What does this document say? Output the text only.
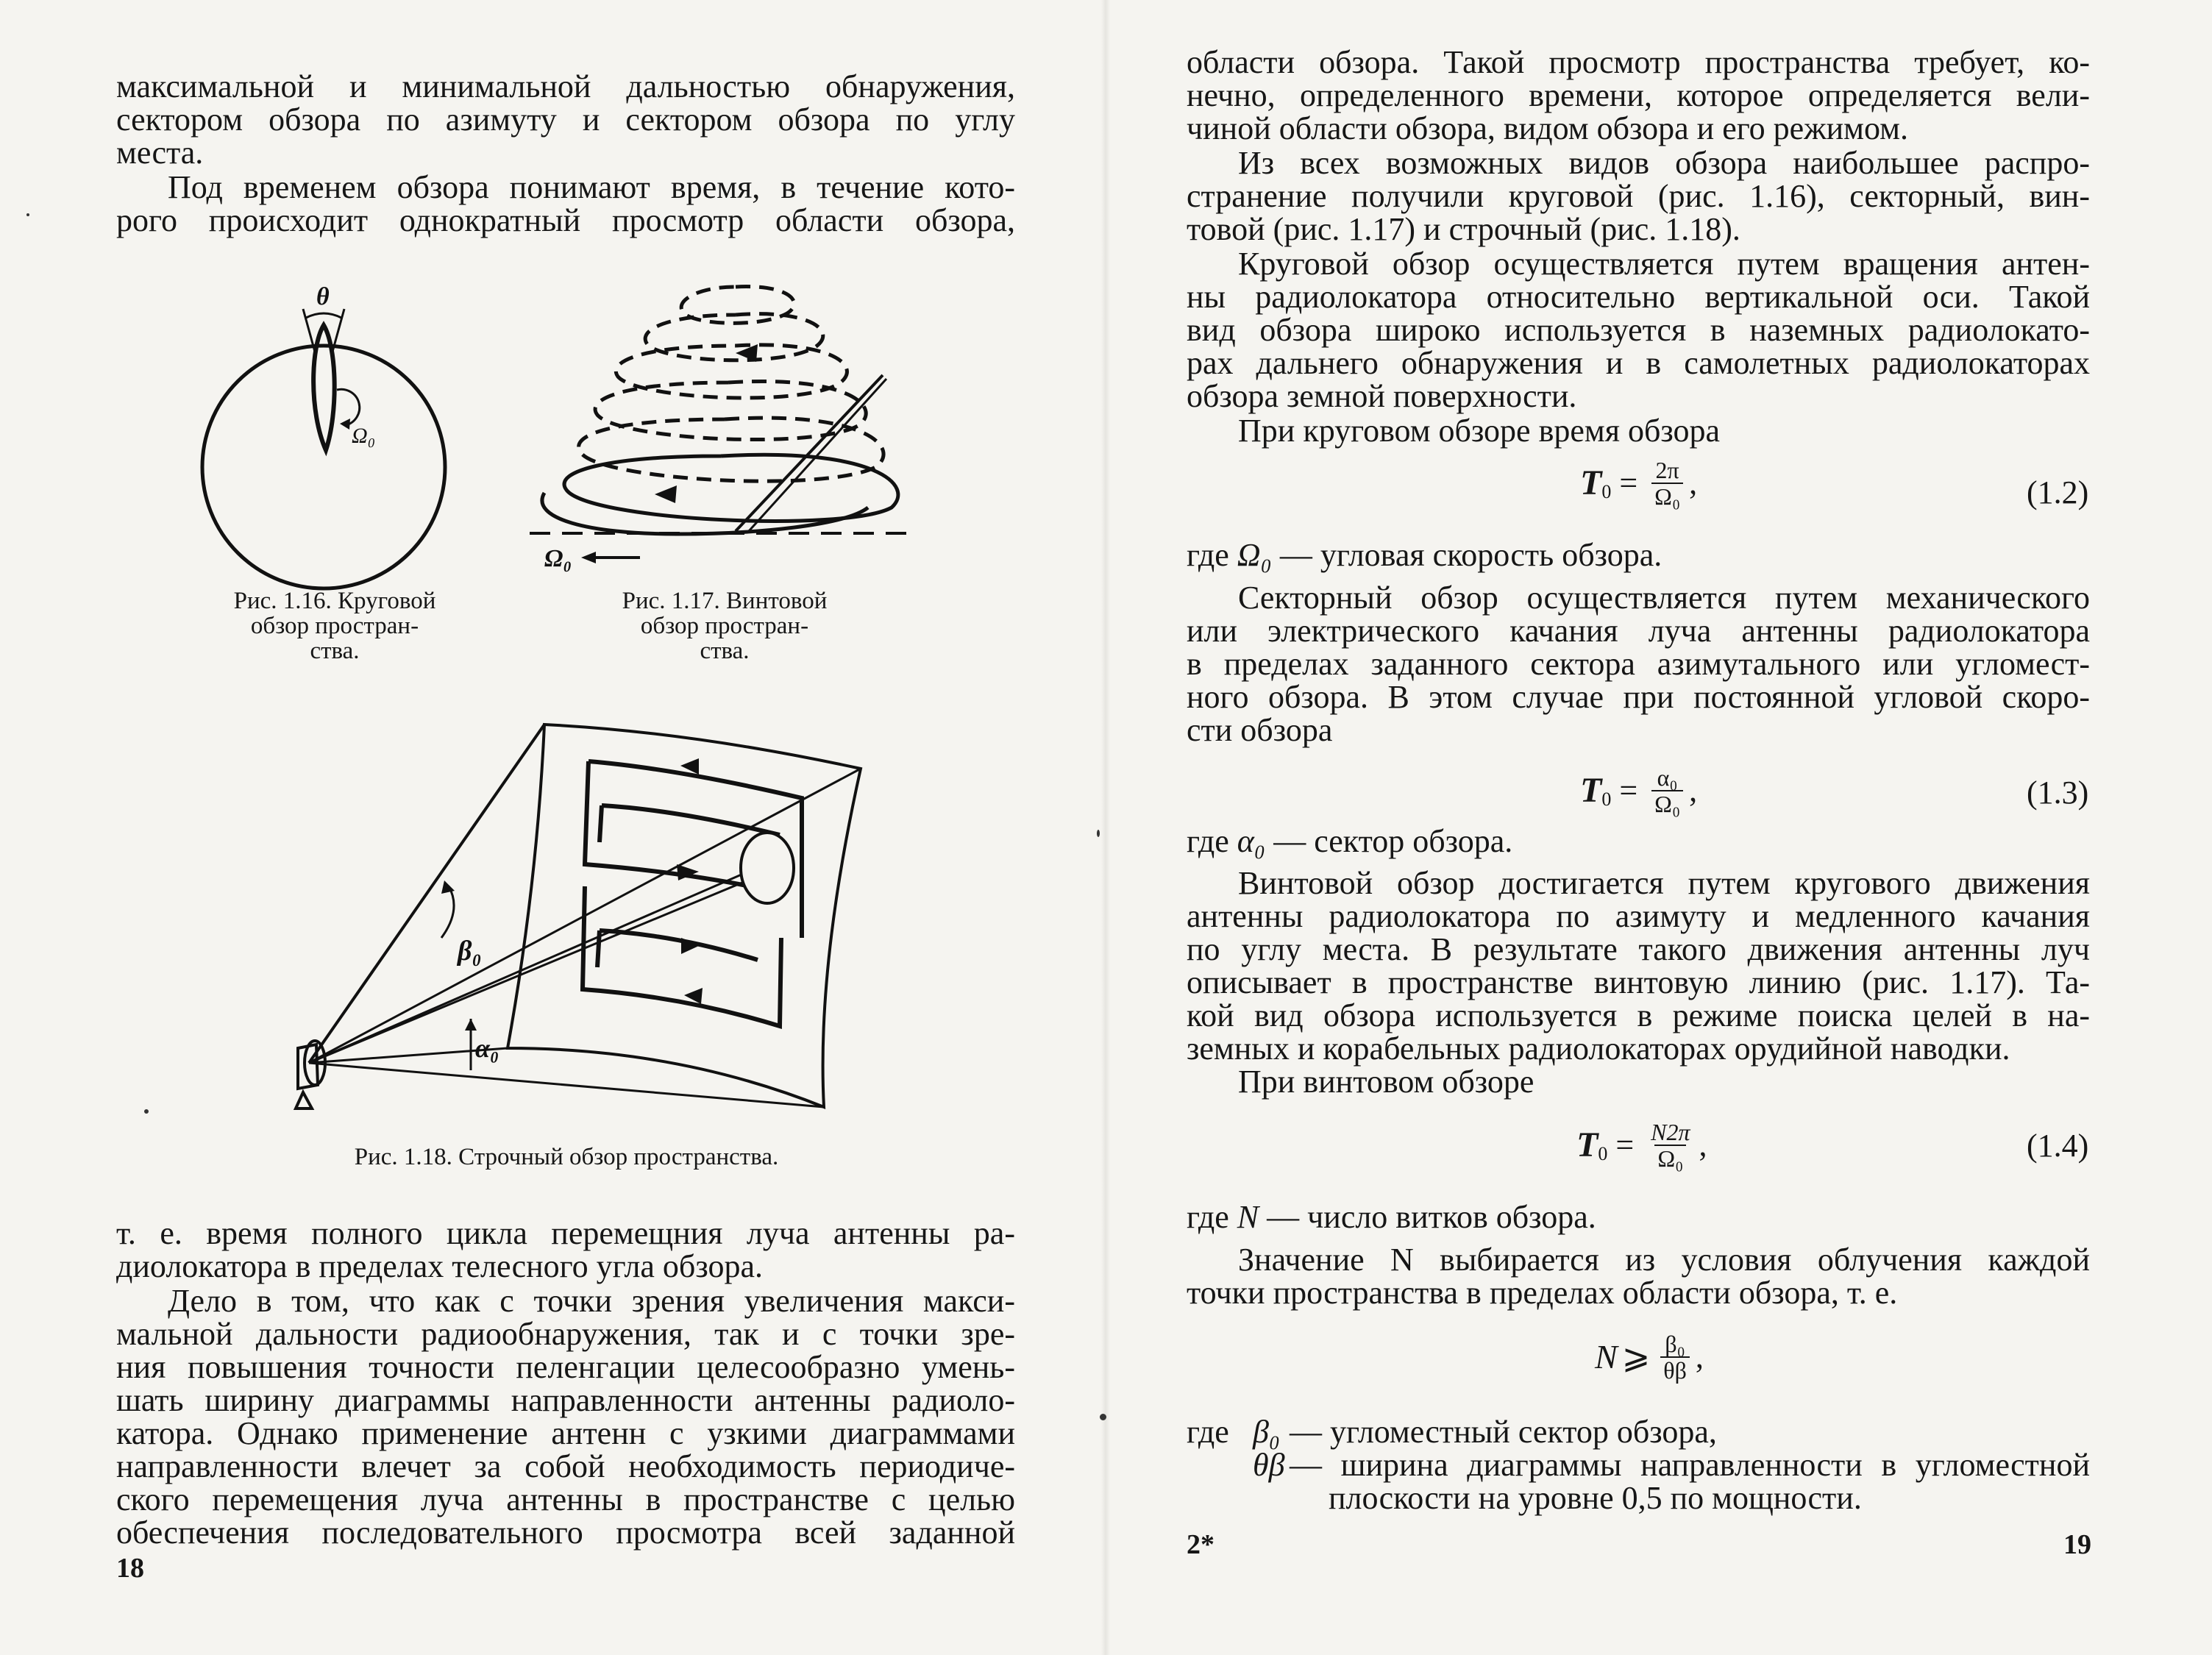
максимальной и минимальной дальностью обнаружения,

сектором обзора по азимуту и сектором обзора по углу

места.

Под временем обзора понимают время, в течение кото-

рого происходит однократный просмотр области обзора,

θ
Ω₀
Рис. 1.16. Круговой
обзор простран-
ства.
Ω₀
Рис. 1.17. Винтовой
обзор простран-
ства.
β₀
α₀
Рис. 1.18. Строчный обзор пространства.

т. е. время полного цикла перемещния луча антенны ра-

диолокатора в пределах телесного угла обзора.

Дело в том, что как с точки зрения увеличения макси-

мальной дальности радиообнаружения, так и с точки зре-

ния повышения точности пеленгации целесообразно умень-

шать ширину диаграммы направленности антенны радиоло-

катора. Однако применение антенн с узкими диаграммами

направленности влечет за собой необходимость периодиче-

ского перемещения луча антенны в пространстве с целью

обеспечения последовательного просмотра всей заданной

18

области обзора. Такой просмотр пространства требует, ко-

нечно, определенного времени, которое определяется вели-

чиной области обзора, видом обзора и его режимом.

Из всех возможных видов обзора наибольшее распро-

странение получили круговой (рис. 1.16), секторный, вин-

товой (рис. 1.17) и строчный (рис. 1.18).

Круговой обзор осуществляется путем вращения антен-

ны радиолокатора относительно вертикальной оси. Такой

вид обзора широко используется в наземных радиолокато-

рах дальнего обнаружения и в самолетных радиолокаторах

обзора земной поверхности.

При круговом обзоре время обзора

T $0 = \frac{2\pi}{\text{Ω₀}}$ ,	(1.2)
где Ω₀ — угловая скорость обзора.

Секторный обзор осуществляется путем механического

или электрического качания луча антенны радиолокатора

в пределах заданного сектора азимутального или угломест-

ного обзора. В этом случае при постоянной угловой скоро-

сти обзора

T $0 = \frac{\text{α₀}}{\text{Ω₀}}$ ,	(1.3)
где α₀ — сектор обзора.

Винтовой обзор достигается путем кругового движения

антенны радиолокатора по азимуту и медленного качания

по углу места. В результате такого движения антенны луч

описывает в пространстве винтовую линию (рис. 1.17). Та-

кой вид обзора используется в режиме поиска целей в на-

земных и корабельных радиолокаторах орудийной наводки.

При винтовом обзоре

T $0 = \frac{N2\pi}{\text{Ω₀}}$ ,	(1.4)
где N — число витков обзора.

Значение N выбирается из условия облучения каждой

точки пространства в пределах области обзора, т. е.

N ⩾ $\frac{\text{β₀}}{\theta\beta}$ ,
где β₀ — угломестный сектор обзора,
θβ — ширина диаграммы направленности в угломестной
плоскости на уровне 0,5 по мощности.
2*	19
